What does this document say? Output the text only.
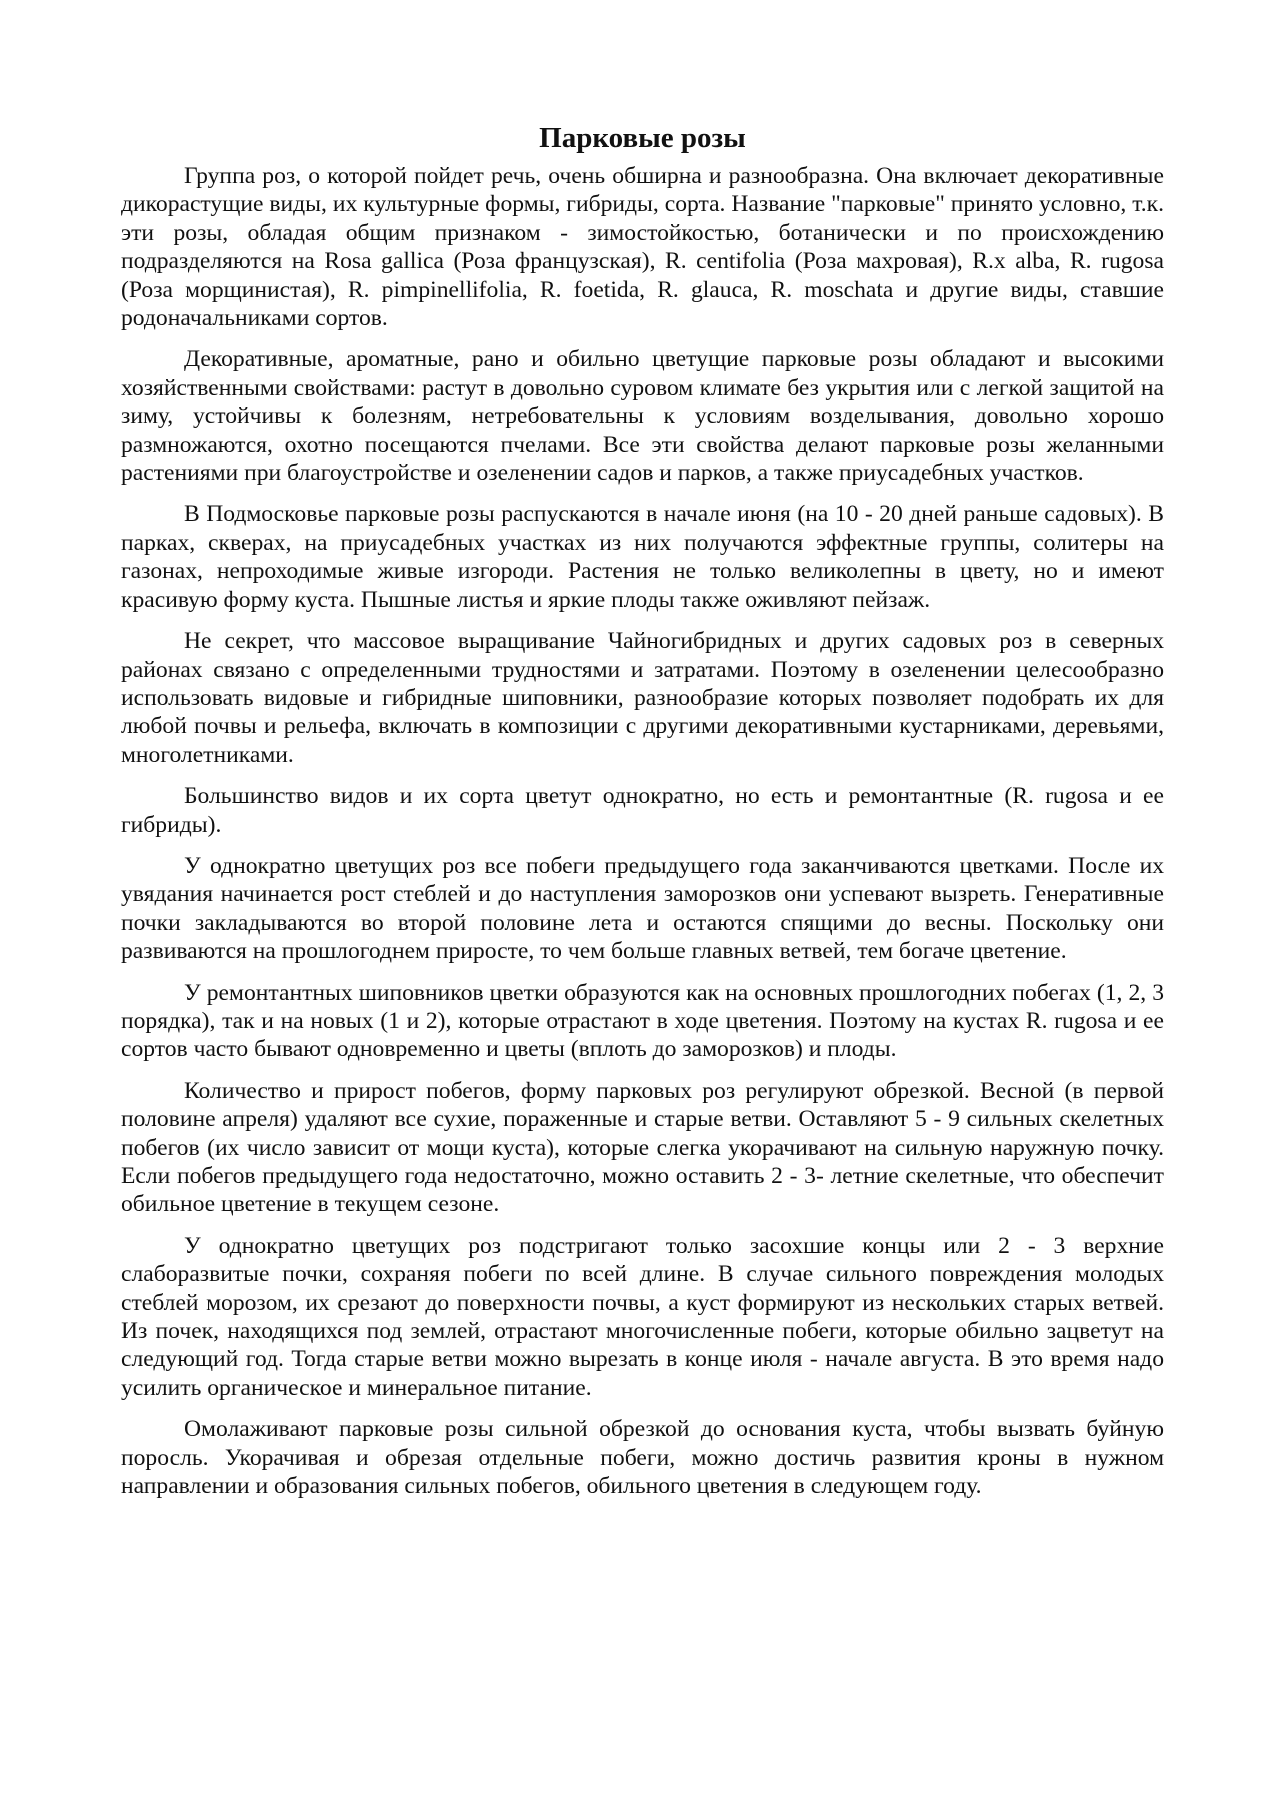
Парковые розы

Группа роз, о которой пойдет речь, очень обширна и разнообразна. Она включает декоративные дикорастущие виды, их культурные формы, гибриды, сорта. Название "парковые" принято условно, т.к. эти розы, обладая общим признаком - зимостойкостью, ботанически и по происхождению подразделяются на Rosa gallica (Роза французская), R. centifolia (Роза махровая), R.x alba, R. rugosa (Роза морщинистая), R. pimpinellifolia, R. foetida, R. glauca, R. moschata и другие виды, ставшие родоначальниками сортов.

Декоративные, ароматные, рано и обильно цветущие парковые розы обладают и высокими хозяйственными свойствами: растут в довольно суровом климате без укрытия или с легкой защитой на зиму, устойчивы к болезням, нетребовательны к условиям возделывания, довольно хорошо размножаются, охотно посещаются пчелами. Все эти свойства делают парковые розы желанными растениями при благоустройстве и озеленении садов и парков, а также приусадебных участков.

В Подмосковье парковые розы распускаются в начале июня (на 10 - 20 дней раньше садовых). В парках, скверах, на приусадебных участках из них получаются эффектные группы, солитеры на газонах, непроходимые живые изгороди. Растения не только великолепны в цвету, но и имеют красивую форму куста. Пышные листья и яркие плоды также оживляют пейзаж.

Не секрет, что массовое выращивание Чайногибридных и других садовых роз в северных районах связано с определенными трудностями и затратами. Поэтому в озеленении целесообразно использовать видовые и гибридные шиповники, разнообразие которых позволяет подобрать их для любой почвы и рельефа, включать в композиции с другими декоративными кустарниками, деревьями, многолетниками.

Большинство видов и их сорта цветут однократно, но есть и ремонтантные (R. rugosa и ее гибриды).

У однократно цветущих роз все побеги предыдущего года заканчиваются цветками. После их увядания начинается рост стеблей и до наступления заморозков они успевают вызреть. Генеративные почки закладываются во второй половине лета и остаются спящими до весны. Поскольку они развиваются на прошлогоднем приросте, то чем больше главных ветвей, тем богаче цветение.

У ремонтантных шиповников цветки образуются как на основных прошлогодних побегах (1, 2, 3 порядка), так и на новых (1 и 2), которые отрастают в ходе цветения. Поэтому на кустах R. rugosa и ее сортов часто бывают одновременно и цветы (вплоть до заморозков) и плоды.

Количество и прирост побегов, форму парковых роз регулируют обрезкой. Весной (в первой половине апреля) удаляют все сухие, пораженные и старые ветви. Оставляют 5 - 9 сильных скелетных побегов (их число зависит от мощи куста), которые слегка укорачивают на сильную наружную почку. Если побегов предыдущего года недостаточно, можно оставить 2 - 3- летние скелетные, что обеспечит обильное цветение в текущем сезоне.

У однократно цветущих роз подстригают только засохшие концы или 2 - 3 верхние слаборазвитые почки, сохраняя побеги по всей длине. В случае сильного повреждения молодых стеблей морозом, их срезают до поверхности почвы, а куст формируют из нескольких старых ветвей. Из почек, находящихся под землей, отрастают многочисленные побеги, которые обильно зацветут на следующий год. Тогда старые ветви можно вырезать в конце июля - начале августа. В это время надо усилить органическое и минеральное питание.

Омолаживают парковые розы сильной обрезкой до основания куста, чтобы вызвать буйную поросль. Укорачивая и обрезая отдельные побеги, можно достичь развития кроны в нужном направлении и образования сильных побегов, обильного цветения в следующем году.
